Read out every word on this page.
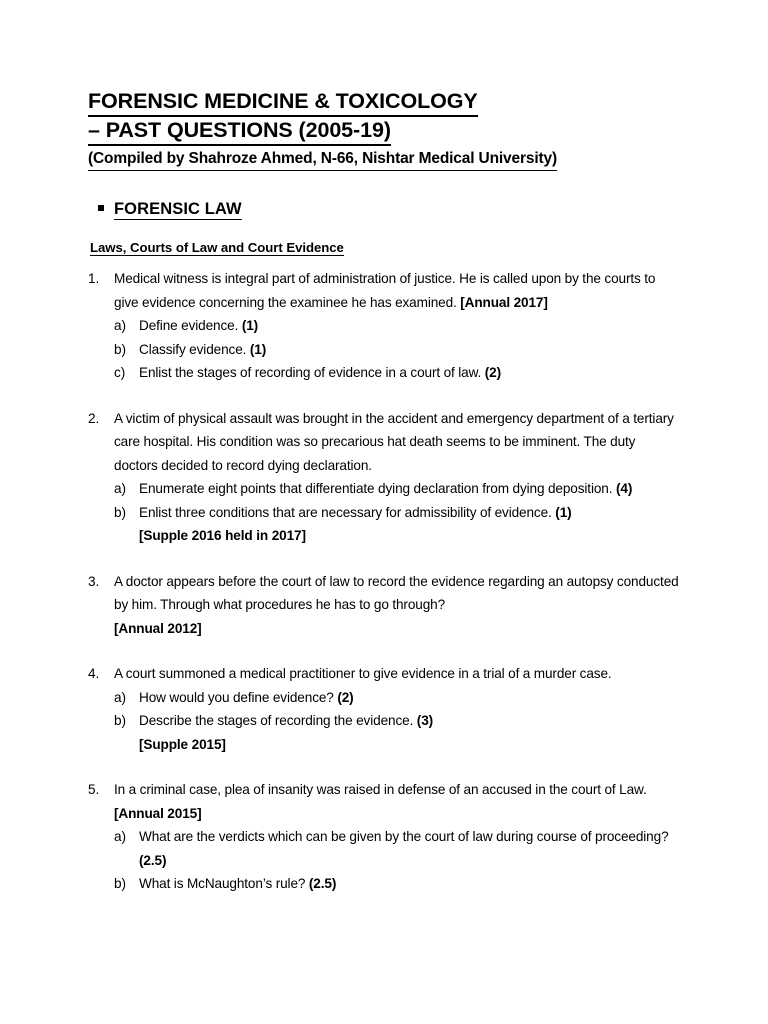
FORENSIC MEDICINE & TOXICOLOGY
– PAST QUESTIONS (2005-19)
(Compiled by Shahroze Ahmed, N-66, Nishtar Medical University)
FORENSIC LAW
Laws, Courts of Law and Court Evidence
1.	Medical witness is integral part of administration of justice. He is called upon by the courts to give evidence concerning the examinee he has examined. [Annual 2017]
a) Define evidence. (1)
b) Classify evidence. (1)
c)	Enlist the stages of recording of evidence in a court of law. (2)
2.	A victim of physical assault was brought in the accident and emergency department of a tertiary care hospital. His condition was so precarious hat death seems to be imminent. The duty doctors decided to record dying declaration.
a) Enumerate eight points that differentiate dying declaration from dying deposition. (4)
b) Enlist three conditions that are necessary for admissibility of evidence. (1)
[Supple 2016 held in 2017]
3.	A doctor appears before the court of law to record the evidence regarding an autopsy conducted by him. Through what procedures he has to go through?
[Annual 2012]
4.	A court summoned a medical practitioner to give evidence in a trial of a murder case.
a) How would you define evidence? (2)
b) Describe the stages of recording the evidence. (3)
[Supple 2015]
5.	In a criminal case, plea of insanity was raised in defense of an accused in the court of Law. [Annual 2015]
a) What are the verdicts which can be given by the court of law during course of proceeding? (2.5)
b) What is McNaughton’s rule? (2.5)
